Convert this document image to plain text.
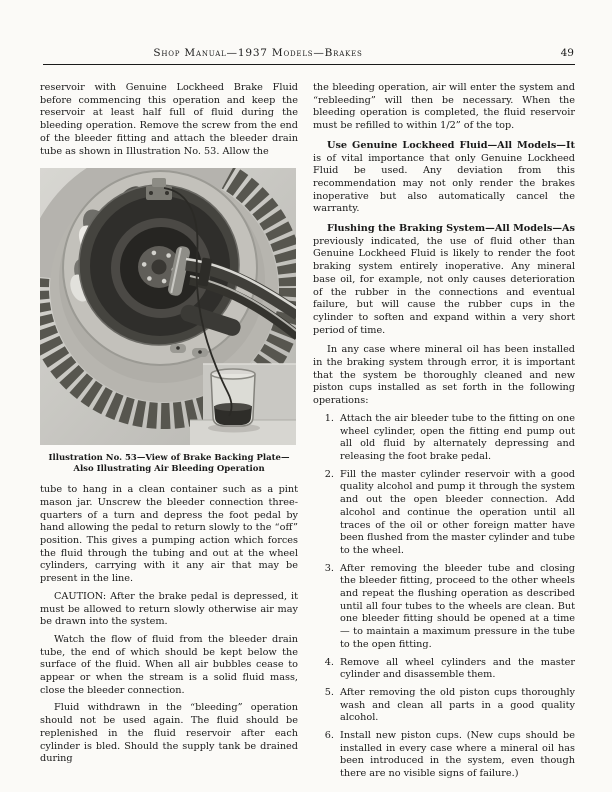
Shop Manual—1937 Models—Brakes	49

reservoir with Genuine Lockheed Brake Fluid before commencing this operation and keep the reservoir at least half full of fluid during the bleeding operation. Remove the screw from the end of the bleeder fitting and attach the bleeder drain tube as shown in Illustration No. 53. Allow the

Illustration No. 53—View of Brake Backing Plate—
Also Illustrating Air Bleeding Operation

tube to hang in a clean container such as a pint mason jar. Unscrew the bleeder connection three-quarters of a turn and depress the foot pedal by hand allowing the pedal to return slowly to the “off” position. This gives a pumping action which forces the fluid through the tubing and out at the wheel cylinders, carrying with it any air that may be present in the line.

CAUTION: After the brake pedal is depressed, it must be allowed to return slowly otherwise air may be drawn into the system.

Watch the flow of fluid from the bleeder drain tube, the end of which should be kept below the surface of the fluid. When all air bubbles cease to appear or when the stream is a solid fluid mass, close the bleeder connection.

Fluid withdrawn in the “bleeding” operation should not be used again. The fluid should be replenished in the fluid reservoir after each cylinder is bled. Should the supply tank be drained during

the bleeding operation, air will enter the system and “rebleeding” will then be necessary. When the bleeding operation is completed, the fluid reservoir must be refilled to within 1/2” of the top.

Use Genuine Lockheed Fluid—All Models—It is of vital importance that only Genuine Lockheed Fluid be used. Any deviation from this recommendation may not only render the brakes inoperative but also automatically cancel the warranty.

Flushing the Braking System—All Models—As previously indicated, the use of fluid other than Genuine Lockheed Fluid is likely to render the foot braking system entirely inoperative. Any mineral base oil, for example, not only causes deterioration of the rubber in the connections and eventual failure, but will cause the rubber cups in the cylinder to soften and expand within a very short period of time.

In any case where mineral oil has been installed in the braking system through error, it is important that the system be thoroughly cleaned and new piston cups installed as set forth in the following operations:

1. Attach the air bleeder tube to the fitting on one wheel cylinder, open the fitting end pump out all old fluid by alternately depressing and releasing the foot brake pedal.
2. Fill the master cylinder reservoir with a good quality alcohol and pump it through the system and out the open bleeder connection. Add alcohol and continue the operation until all traces of the oil or other foreign matter have been flushed from the master cylinder and tube to the wheel.
3. After removing the bleeder tube and closing the bleeder fitting, proceed to the other wheels and repeat the flushing operation as described until all four tubes to the wheels are clean. But one bleeder fitting should be opened at a time — to maintain a maximum pressure in the tube to the open fitting.
4. Remove all wheel cylinders and the master cylinder and disassemble them.
5. After removing the old piston cups thoroughly wash and clean all parts in a good quality alcohol.
6. Install new piston cups. (New cups should be installed in every case where a mineral oil has been introduced in the system, even though there are no visible signs of failure.)
